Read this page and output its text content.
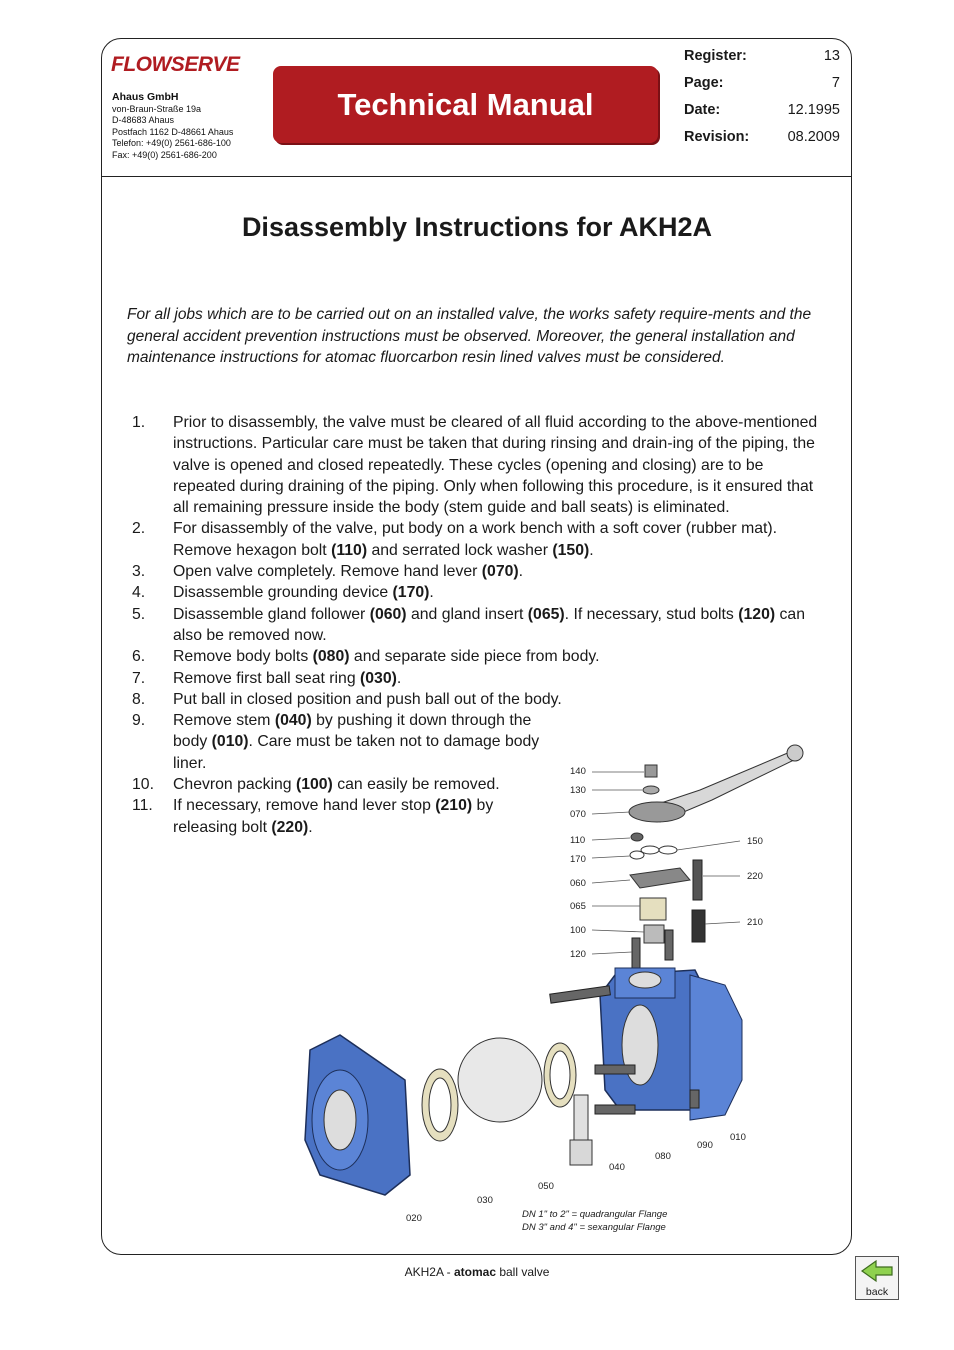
FLOWSERVE
Ahaus GmbH
von-Braun-Straße 19a
D-48683 Ahaus
Postfach 1162 D-48661 Ahaus
Telefon: +49(0) 2561-686-100
Fax: +49(0) 2561-686-200
Technical Manual
Register:	13
Page:	7
Date:	12.1995
Revision:	08.2009
Disassembly Instructions for AKH2A
For all jobs which are to be carried out on an installed valve, the works safety require-ments and the general accident prevention instructions must be observed. Moreover, the general installation and maintenance instructions for atomac fluorcarbon resin lined valves must be considered.
1.	Prior to disassembly, the valve must be cleared of all fluid according to the above-mentioned instructions. Particular care must be taken that during rinsing and drain-ing of the piping, the valve is opened and closed repeatedly. These cycles (opening and closing) are to be repeated during draining of the piping. Only when following this procedure, is it ensured that all remaining pressure inside the body (stem guide and ball seats) is eliminated.
2.	For disassembly of the valve, put body on a work bench with a soft cover (rubber mat). Remove hexagon bolt (110) and serrated lock washer (150).
3.	Open valve completely. Remove hand lever (070).
4.	Disassemble grounding device (170).
5.	Disassemble gland follower (060) and gland insert (065). If necessary, stud bolts (120) can also be removed now.
6.	Remove body bolts (080) and separate side piece from body.
7.	Remove first ball seat ring (030).
8.	Put ball in closed position and push ball out of the body.
9.	Remove stem (040) by pushing it down through the body (010). Care must be taken not to damage body liner.
10.	Chevron packing (100) can easily be removed.
11.	If necessary, remove hand lever stop (210) by releasing bolt (220).
140
130
070
110
170
060
065
100
120
150
220
210
010
090
080
040
050
030
020	DN 1" to 2" = quadrangular Flange
DN 3" and 4" = sexangular Flange
AKH2A - atomac ball valve
back
